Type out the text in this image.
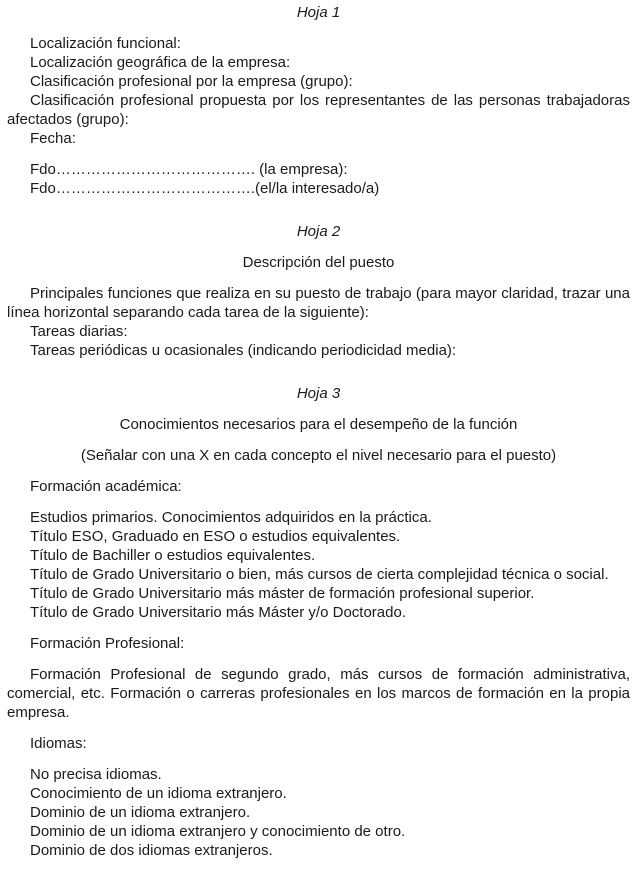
Hoja 1

Localización funcional:

Localización geográfica de la empresa:

Clasificación profesional por la empresa (grupo):

Clasificación profesional propuesta por los representantes de las personas trabajadoras afectados (grupo):

Fecha:

Fdo…………………………………. (la empresa):

Fdo………………………………….(el/la interesado/a)

Hoja 2

Descripción del puesto

Principales funciones que realiza en su puesto de trabajo (para mayor claridad, trazar una línea horizontal separando cada tarea de la siguiente):

Tareas diarias:

Tareas periódicas u ocasionales (indicando periodicidad media):

Hoja 3

Conocimientos necesarios para el desempeño de la función

(Señalar con una X en cada concepto el nivel necesario para el puesto)

Formación académica:

Estudios primarios. Conocimientos adquiridos en la práctica.

Título ESO, Graduado en ESO o estudios equivalentes.

Título de Bachiller o estudios equivalentes.

Título de Grado Universitario o bien, más cursos de cierta complejidad técnica o social.

Título de Grado Universitario más máster de formación profesional superior.

Título de Grado Universitario más Máster y/o Doctorado.

Formación Profesional:

Formación Profesional de segundo grado, más cursos de formación administrativa, comercial, etc. Formación o carreras profesionales en los marcos de formación en la propia empresa.

Idiomas:

No precisa idiomas.

Conocimiento de un idioma extranjero.

Dominio de un idioma extranjero.

Dominio de un idioma extranjero y conocimiento de otro.

Dominio de dos idiomas extranjeros.
